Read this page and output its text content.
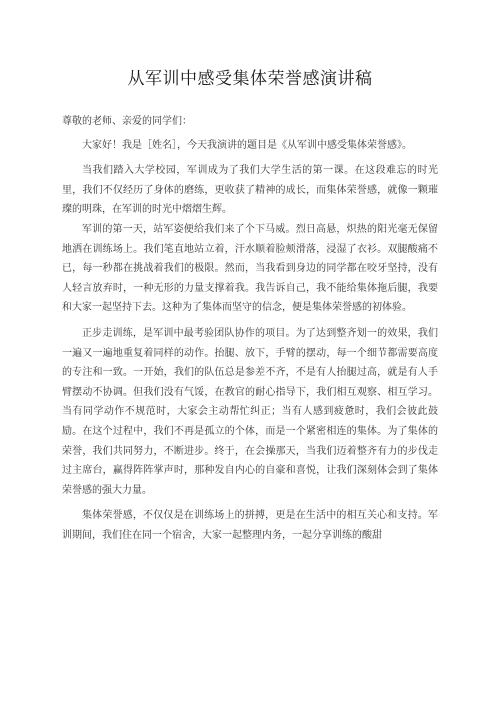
从军训中感受集体荣誉感演讲稿

尊敬的老师、亲爱的同学们：

大家好！我是［姓名］，今天我演讲的题目是《从军训中感受集体荣誉感》。

当我们踏入大学校园，军训成为了我们大学生活的第一课。在这段难忘的时光里，我们不仅经历了身体的磨练，更收获了精神的成长，而集体荣誉感，就像一颗璀璨的明珠，在军训的时光中熠熠生辉。

军训的第一天，站军姿便给我们来了个下马威。烈日高悬，炽热的阳光毫无保留地洒在训练场上。我们笔直地站立着，汗水顺着脸颊滑落，浸湿了衣衫。双腿酸痛不已，每一秒都在挑战着我们的极限。然而，当我看到身边的同学都在咬牙坚持，没有人轻言放弃时，一种无形的力量支撑着我。我告诉自己，我不能给集体拖后腿，我要和大家一起坚持下去。这种为了集体而坚守的信念，便是集体荣誉感的初体验。

正步走训练，是军训中最考验团队协作的项目。为了达到整齐划一的效果，我们一遍又一遍地重复着同样的动作。抬腿、放下，手臂的摆动，每一个细节都需要高度的专注和一致。一开始，我们的队伍总是参差不齐，不是有人抬腿过高，就是有人手臂摆动不协调。但我们没有气馁，在教官的耐心指导下，我们相互观察、相互学习。当有同学动作不规范时，大家会主动帮忙纠正；当有人感到疲惫时，我们会彼此鼓励。在这个过程中，我们不再是孤立的个体，而是一个紧密相连的集体。为了集体的荣誉，我们共同努力，不断进步。终于，在会操那天，当我们迈着整齐有力的步伐走过主席台，赢得阵阵掌声时，那种发自内心的自豪和喜悦，让我们深刻体会到了集体荣誉感的强大力量。

集体荣誉感，不仅仅是在训练场上的拼搏，更是在生活中的相互关心和支持。军训期间，我们住在同一个宿舍，大家一起整理内务，一起分享训练的酸甜
